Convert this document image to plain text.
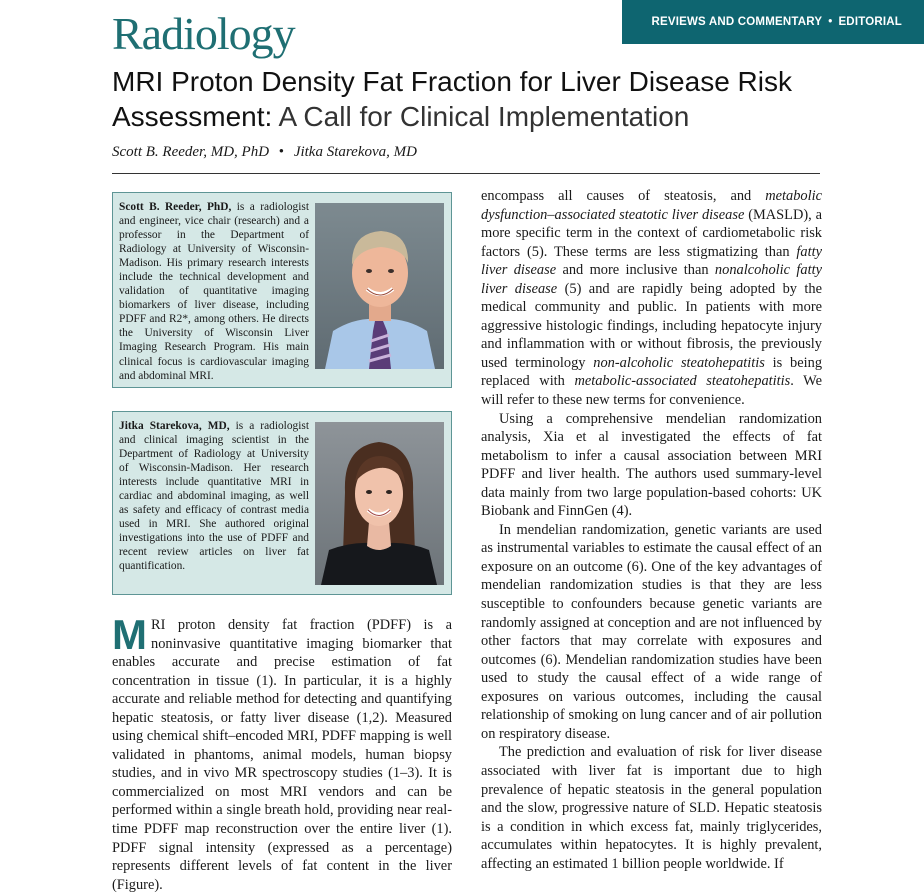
Radiology	REVIEWS AND COMMENTARY • EDITORIAL
MRI Proton Density Fat Fraction for Liver Disease Risk Assessment: A Call for Clinical Implementation
Scott B. Reeder, MD, PhD • Jitka Starekova, MD
Scott B. Reeder, PhD, is a radiologist and engineer, vice chair (research) and a professor in the Department of Radiology at University of Wisconsin-Madison. His primary research interests include the technical development and validation of quantitative imaging biomarkers of liver disease, including PDFF and R2*, among others. He directs the University of Wisconsin Liver Imaging Research Program. His main clinical focus is cardiovascular imaging and abdominal MRI.
Jitka Starekova, MD, is a radiologist and clinical imaging scientist in the Department of Radiology at University of Wisconsin-Madison. Her research interests include quantitative MRI in cardiac and abdominal imaging, as well as safety and efficacy of contrast media used in MRI. She authored original investigations into the use of PDFF and recent review articles on liver fat quantification.

MRI proton density fat fraction (PDFF) is a noninvasive quantitative imaging biomarker that enables accurate and precise estimation of fat concentration in tissue (1). In particular, it is a highly accurate and reliable method for detecting and quantifying hepatic steatosis, or fatty liver disease (1,2). Measured using chemical shift–encoded MRI, PDFF mapping is well validated in phantoms, animal models, human biopsy studies, and in vivo MR spectroscopy studies (1–3). It is commercialized on most MRI vendors and can be performed within a single breath hold, providing near real-time PDFF map reconstruction over the entire liver (1). PDFF signal intensity (expressed as a percentage) represents different levels of fat content in the liver (Figure).

encompass all causes of steatosis, and metabolic dysfunction–associated steatotic liver disease (MASLD), a more specific term in the context of cardiometabolic risk factors (5). These terms are less stigmatizing than fatty liver disease and more inclusive than nonalcoholic fatty liver disease (5) and are rapidly being adopted by the medical community and public. In patients with more aggressive histologic findings, including hepatocyte injury and inflammation with or without fibrosis, the previously used terminology non-alcoholic steatohepatitis is being replaced with metabolic-associated steatohepatitis. We will refer to these new terms for convenience.

Using a comprehensive mendelian randomization analysis, Xia et al investigated the effects of fat metabolism to infer a causal association between MRI PDFF and liver health. The authors used summary-level data mainly from two large population-based cohorts: UK Biobank and FinnGen (4).

In mendelian randomization, genetic variants are used as instrumental variables to estimate the causal effect of an exposure on an outcome (6). One of the key advantages of mendelian randomization studies is that they are less susceptible to confounders because genetic variants are randomly assigned at conception and are not influenced by other factors that may correlate with exposures and outcomes (6). Mendelian randomization studies have been used to study the causal effect of a wide range of exposures on various outcomes, including the causal relationship of smoking on lung cancer and of air pollution on respiratory disease.

The prediction and evaluation of risk for liver disease associated with liver fat is important due to high prevalence of hepatic steatosis in the general population and the slow, progressive nature of SLD. Hepatic steatosis is a condition in which excess fat, mainly triglycerides, accumulates within hepatocytes. It is highly prevalent, affecting an estimated 1 billion people worldwide. If
